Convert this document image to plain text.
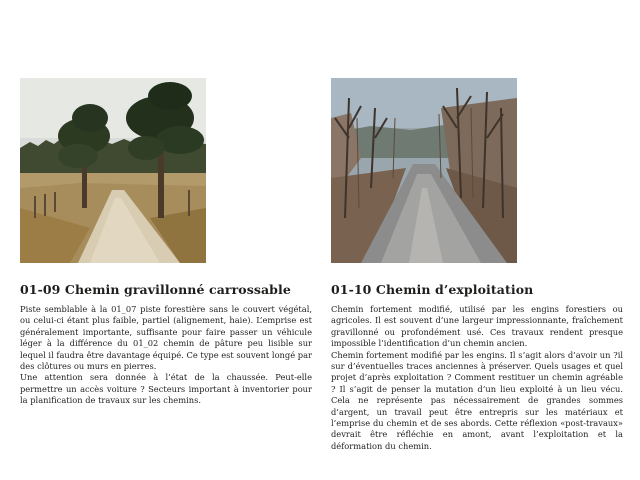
01-09 Chemin gravillonné carrossable

Piste semblable à la 01_07 piste forestière sans le couvert végétal, ou celui-ci étant plus faible, partiel (alignement, haie). L’emprise est généralement importante, suffisante pour faire passer un véhicule léger à la différence du 01_02 chemin de pâture peu lisible sur lequel il faudra être davantage équipé. Ce type est souvent longé par des clôtures ou murs en pierres.

Une attention sera donnée à l’état de la chaussée. Peut-elle permettre un accès voiture ? Secteurs important à inventorier pour la planification de travaux sur les chemins.

01-10 Chemin d’exploitation

Chemin fortement modifié, utilisé par les engins forestiers ou agricoles. Il est souvent d’une largeur impressionnante, fraîchement gravillonné ou profondément usé. Ces travaux rendent presque impossible l’identification d’un chemin ancien.

Chemin fortement modifié par les engins. Il s’agit alors d’avoir un ?il sur d’éventuelles traces anciennes à préserver. Quels usages et quel projet d’après exploitation ? Comment restituer un chemin agréable ? Il s’agit de penser la mutation d’un lieu exploité à un lieu vécu. Cela ne représente pas nécessairement de grandes sommes d’argent, un travail peut être entrepris sur les matériaux et l’emprise du chemin et de ses abords. Cette réflexion «post-travaux» devrait être réfléchie en amont, avant l’exploitation et la déformation du chemin.
